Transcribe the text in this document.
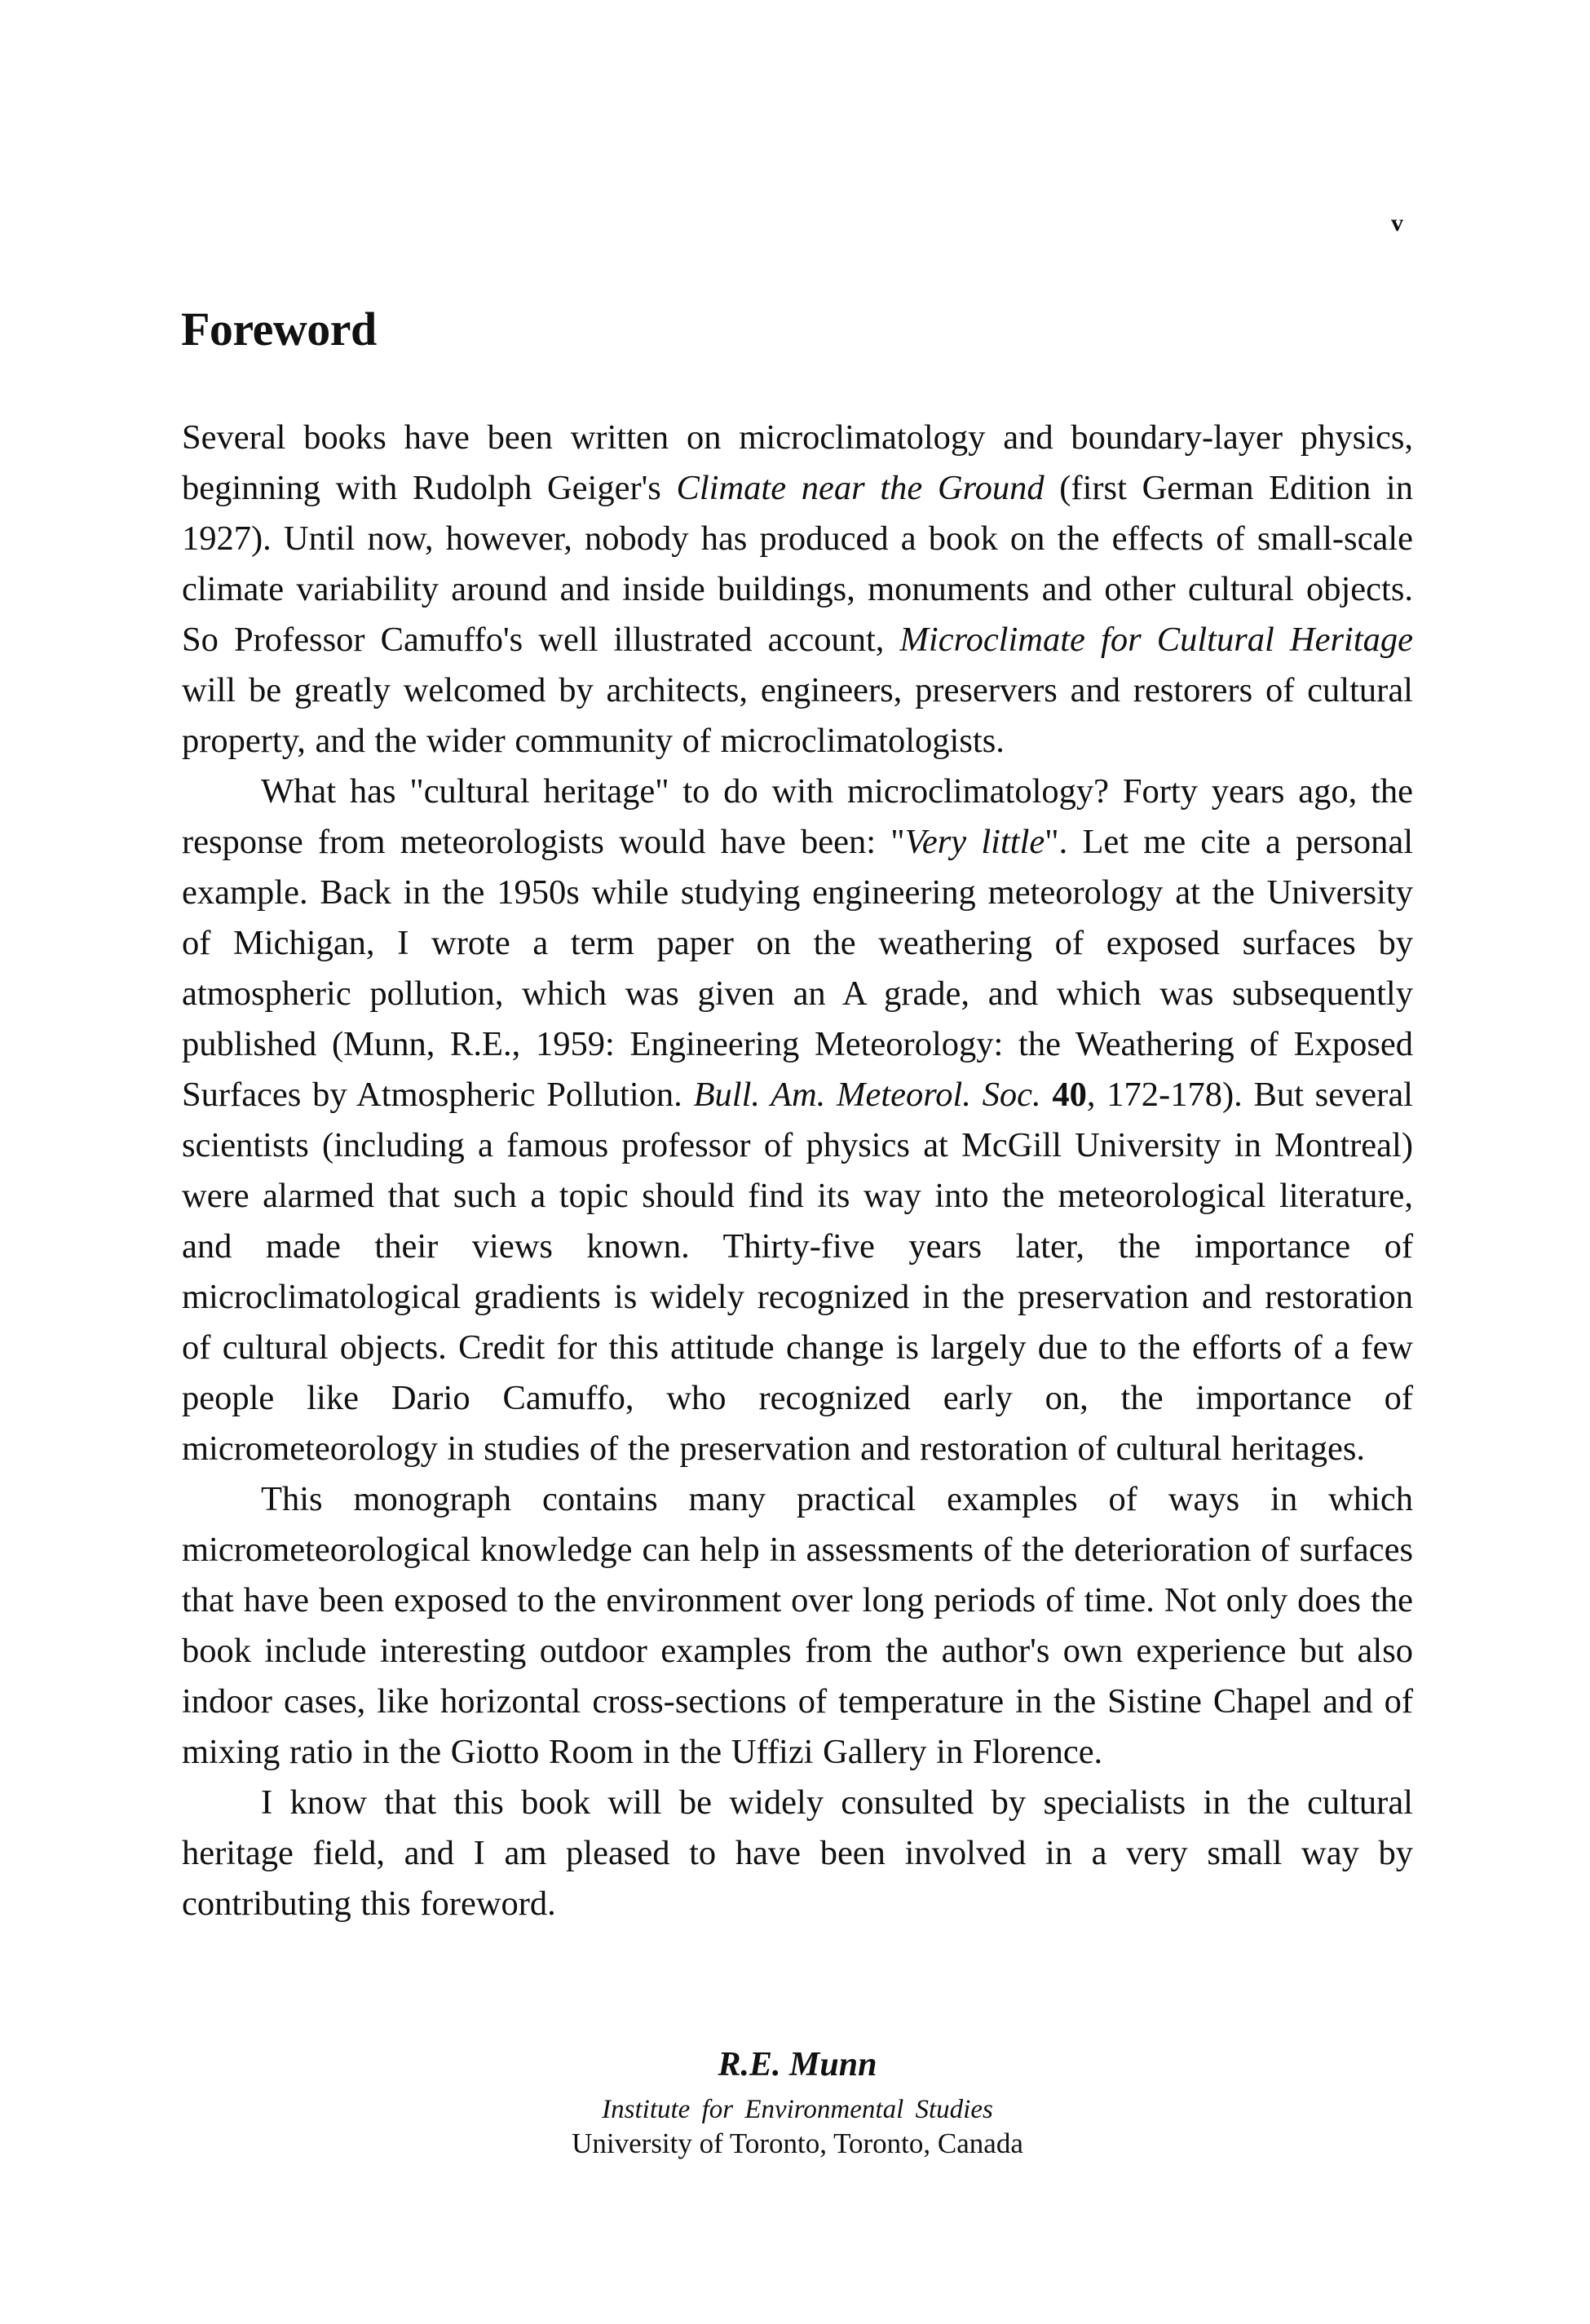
v

Foreword

Several books have been written on microclimatology and boundary-layer physics, beginning with Rudolph Geiger's Climate near the Ground (first German Edition in 1927). Until now, however, nobody has produced a book on the effects of small-scale climate variability around and inside buildings, monuments and other cultural objects. So Professor Camuffo's well illustrated account, Microclimate for Cultural Heritage will be greatly welcomed by architects, engineers, preservers and restorers of cultural property, and the wider community of microclimatologists.

What has "cultural heritage" to do with microclimatology? Forty years ago, the response from meteorologists would have been: "Very little". Let me cite a personal example. Back in the 1950s while studying engineering meteorology at the University of Michigan, I wrote a term paper on the weathering of exposed surfaces by atmospheric pollution, which was given an A grade, and which was subsequently published (Munn, R.E., 1959: Engineering Meteorology: the Weathering of Exposed Surfaces by Atmospheric Pollution. Bull. Am. Meteorol. Soc. 40, 172-178). But several scientists (including a famous professor of physics at McGill University in Montreal) were alarmed that such a topic should find its way into the meteorological literature, and made their views known. Thirty-five years later, the importance of microclimatological gradients is widely recognized in the preservation and restoration of cultural objects. Credit for this attitude change is largely due to the efforts of a few people like Dario Camuffo, who recognized early on, the importance of micrometeorology in studies of the preservation and restoration of cultural heritages.

This monograph contains many practical examples of ways in which micrometeorological knowledge can help in assessments of the deterioration of surfaces that have been exposed to the environment over long periods of time. Not only does the book include interesting outdoor examples from the author's own experience but also indoor cases, like horizontal cross-sections of temperature in the Sistine Chapel and of mixing ratio in the Giotto Room in the Uffizi Gallery in Florence.

I know that this book will be widely consulted by specialists in the cultural heritage field, and I am pleased to have been involved in a very small way by contributing this foreword.

R.E. Munn

Institute for Environmental Studies

University of Toronto, Toronto, Canada
